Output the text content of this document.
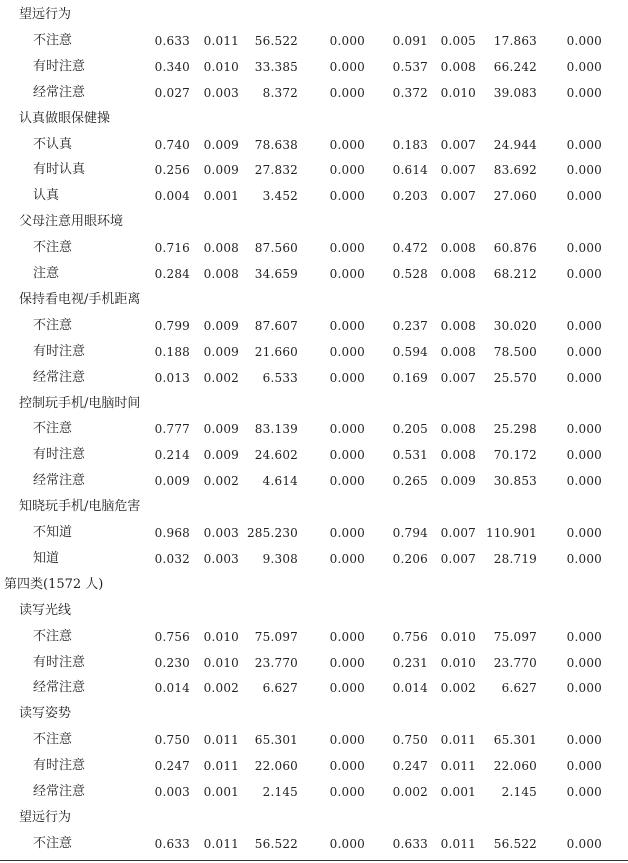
望远行为
不注意	0.633	0.011	56.522	0.000	0.091	0.005	17.863	0.000
有时注意	0.340	0.010	33.385	0.000	0.537	0.008	66.242	0.000
经常注意	0.027	0.003	8.372	0.000	0.372	0.010	39.083	0.000
认真做眼保健操
不认真	0.740	0.009	78.638	0.000	0.183	0.007	24.944	0.000
有时认真	0.256	0.009	27.832	0.000	0.614	0.007	83.692	0.000
认真	0.004	0.001	3.452	0.000	0.203	0.007	27.060	0.000
父母注意用眼环境
不注意	0.716	0.008	87.560	0.000	0.472	0.008	60.876	0.000
注意	0.284	0.008	34.659	0.000	0.528	0.008	68.212	0.000
保持看电视/手机距离
不注意	0.799	0.009	87.607	0.000	0.237	0.008	30.020	0.000
有时注意	0.188	0.009	21.660	0.000	0.594	0.008	78.500	0.000
经常注意	0.013	0.002	6.533	0.000	0.169	0.007	25.570	0.000
控制玩手机/电脑时间
不注意	0.777	0.009	83.139	0.000	0.205	0.008	25.298	0.000
有时注意	0.214	0.009	24.602	0.000	0.531	0.008	70.172	0.000
经常注意	0.009	0.002	4.614	0.000	0.265	0.009	30.853	0.000
知晓玩手机/电脑危害
不知道	0.968	0.003 285.230	0.000	0.794	0.007 110.901	0.000
知道	0.032	0.003	9.308	0.000	0.206	0.007	28.719	0.000
第四类(1572 人)
读写光线
不注意	0.756	0.010	75.097	0.000	0.756	0.010	75.097	0.000
有时注意	0.230	0.010	23.770	0.000	0.231	0.010	23.770	0.000
经常注意	0.014	0.002	6.627	0.000	0.014	0.002	6.627	0.000
读写姿势
不注意	0.750	0.011	65.301	0.000	0.750	0.011	65.301	0.000
有时注意	0.247	0.011	22.060	0.000	0.247	0.011	22.060	0.000
经常注意	0.003	0.001	2.145	0.000	0.002	0.001	2.145	0.000
望远行为
不注意	0.633	0.011	56.522	0.000	0.633	0.011	56.522	0.000
